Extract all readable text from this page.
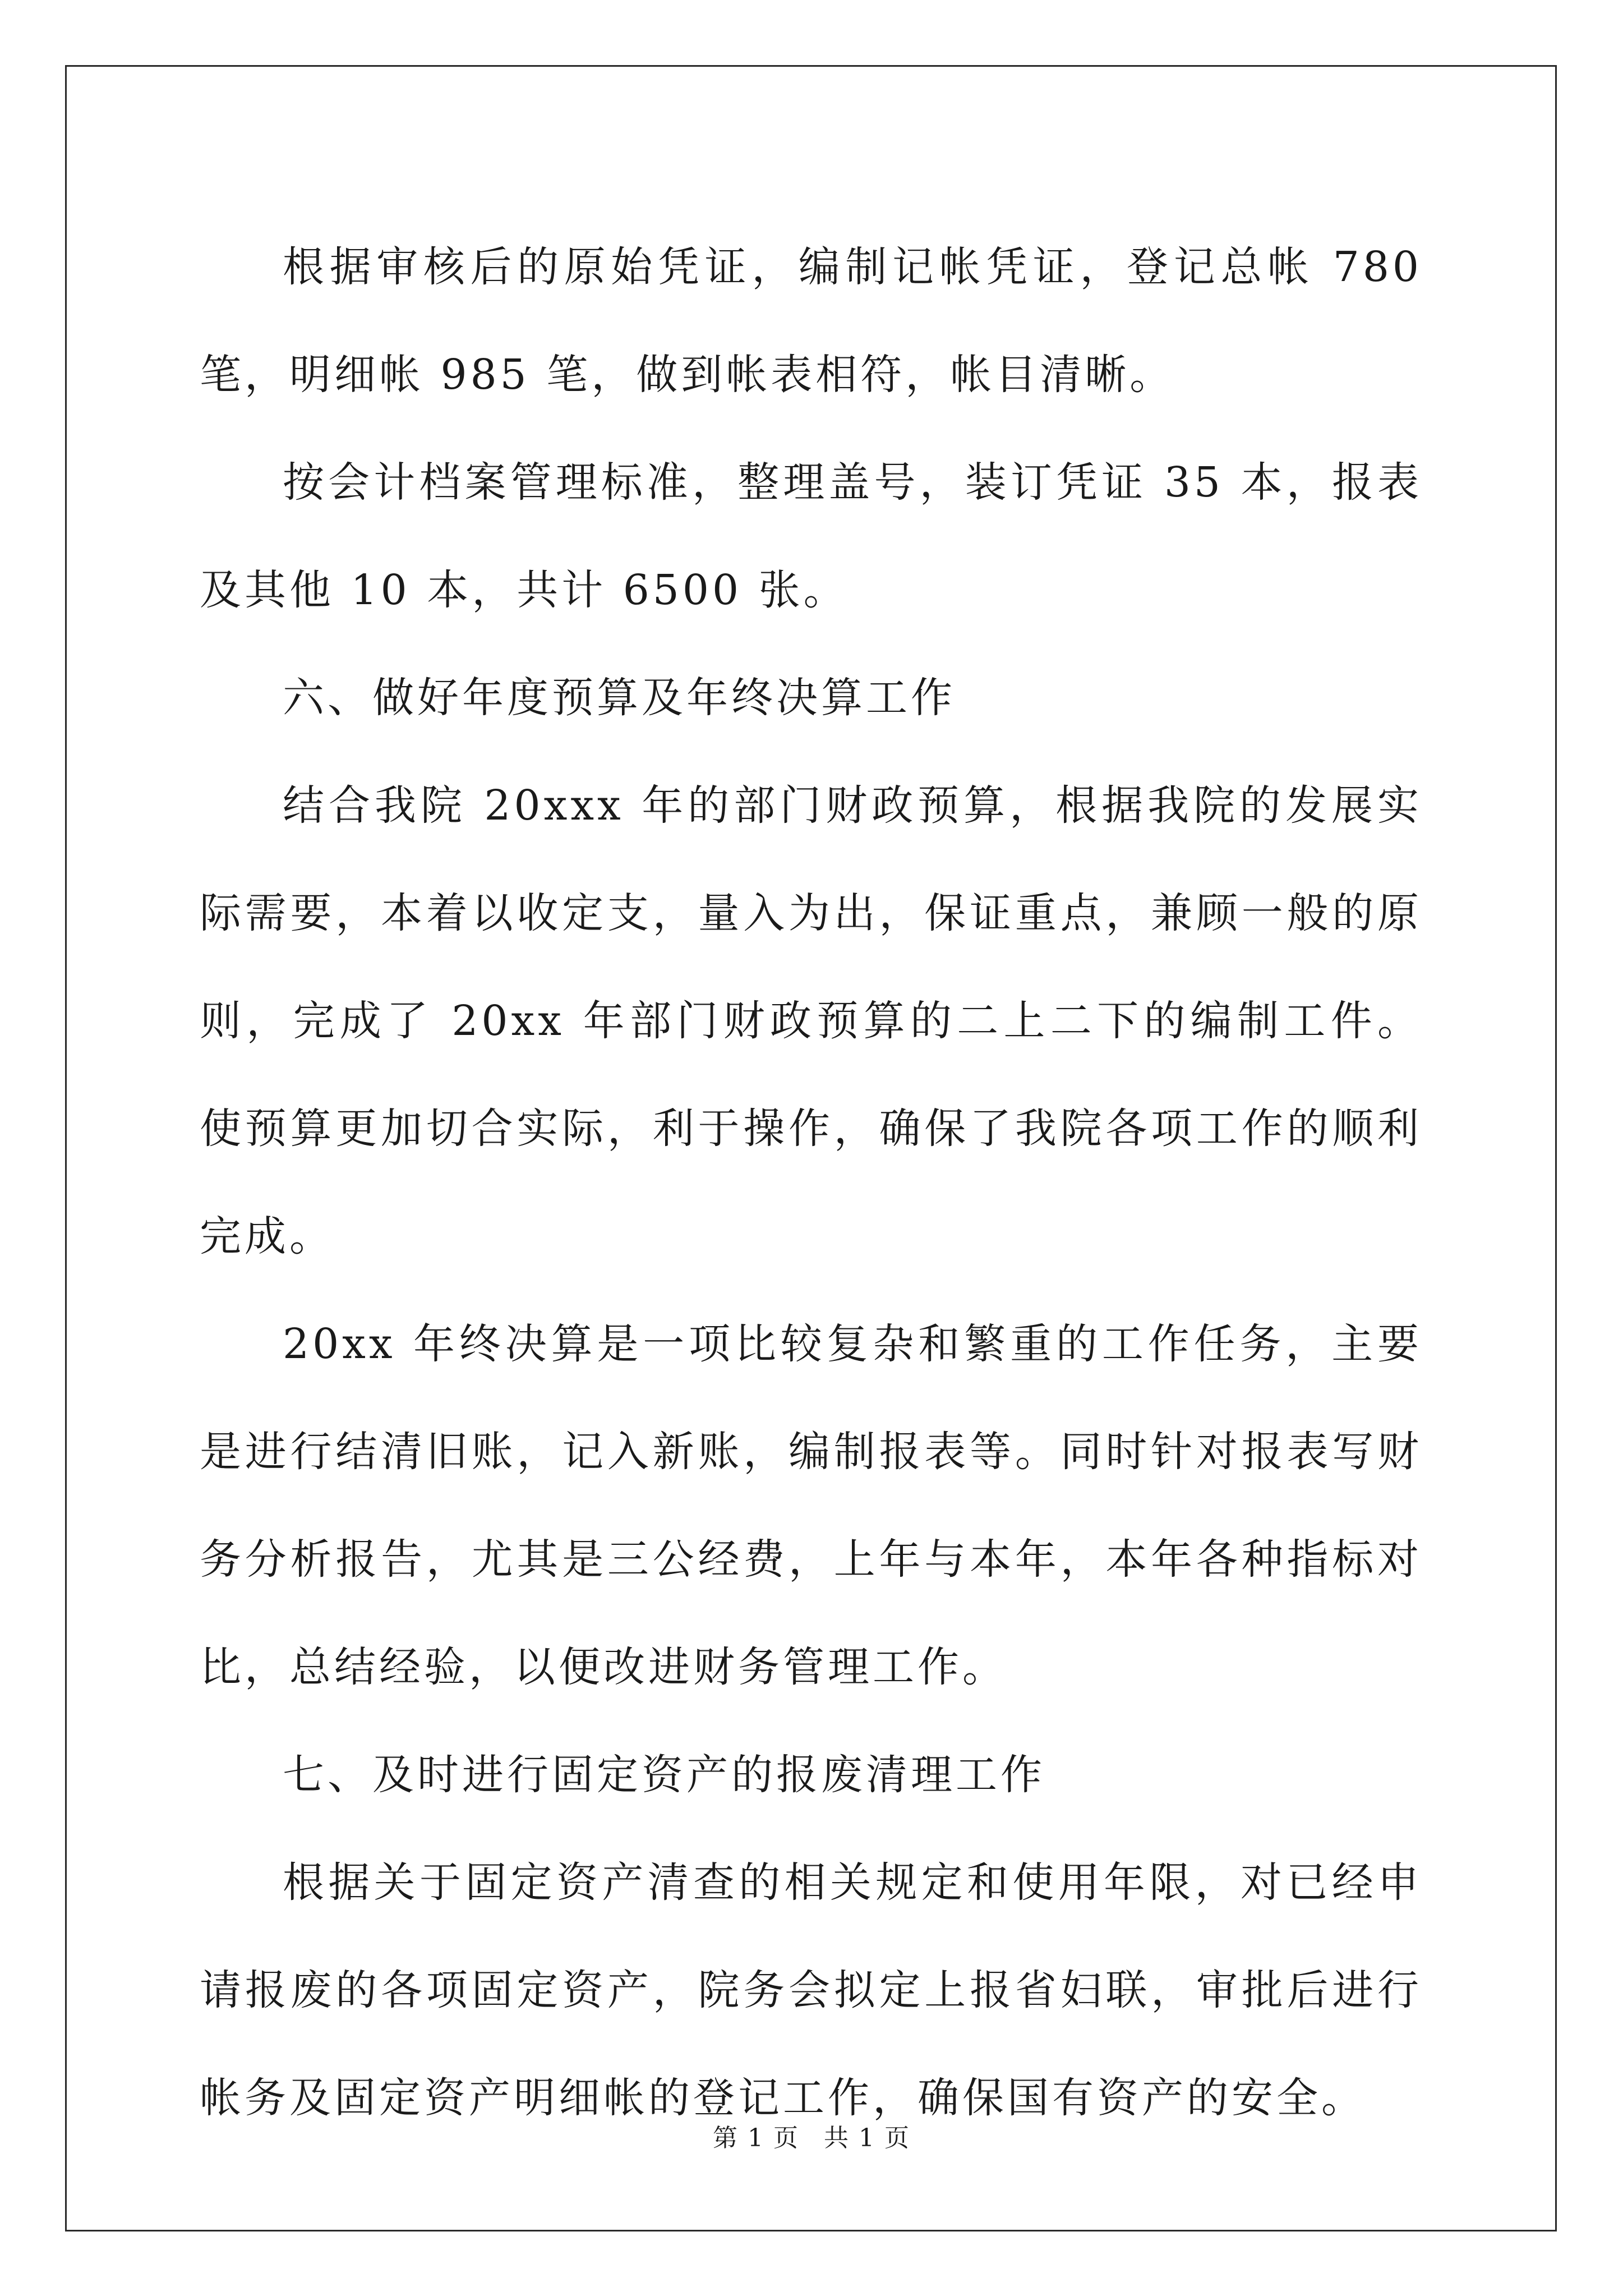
根据审核后的原始凭证，编制记帐凭证，登记总帐 780 笔，明细帐 985 笔，做到帐表相符，帐目清晰。

按会计档案管理标准，整理盖号，装订凭证 35 本，报表及其他 10 本，共计 6500 张。

六、做好年度预算及年终决算工作

结合我院 20xxx 年的部门财政预算，根据我院的发展实际需要，本着以收定支，量入为出，保证重点，兼顾一般的原则，完成了 20xx 年部门财政预算的二上二下的编制工件。使预算更加切合实际，利于操作，确保了我院各项工作的顺利完成。

20xx 年终决算是一项比较复杂和繁重的工作任务，主要是进行结清旧账，记入新账，编制报表等。同时针对报表写财务分析报告，尤其是三公经费，上年与本年，本年各种指标对比，总结经验，以便改进财务管理工作。

七、及时进行固定资产的报废清理工作

根据关于固定资产清查的相关规定和使用年限，对已经申请报废的各项固定资产，院务会拟定上报省妇联，审批后进行帐务及固定资产明细帐的登记工作，确保国有资产的安全。

第 1 页 共 1 页
